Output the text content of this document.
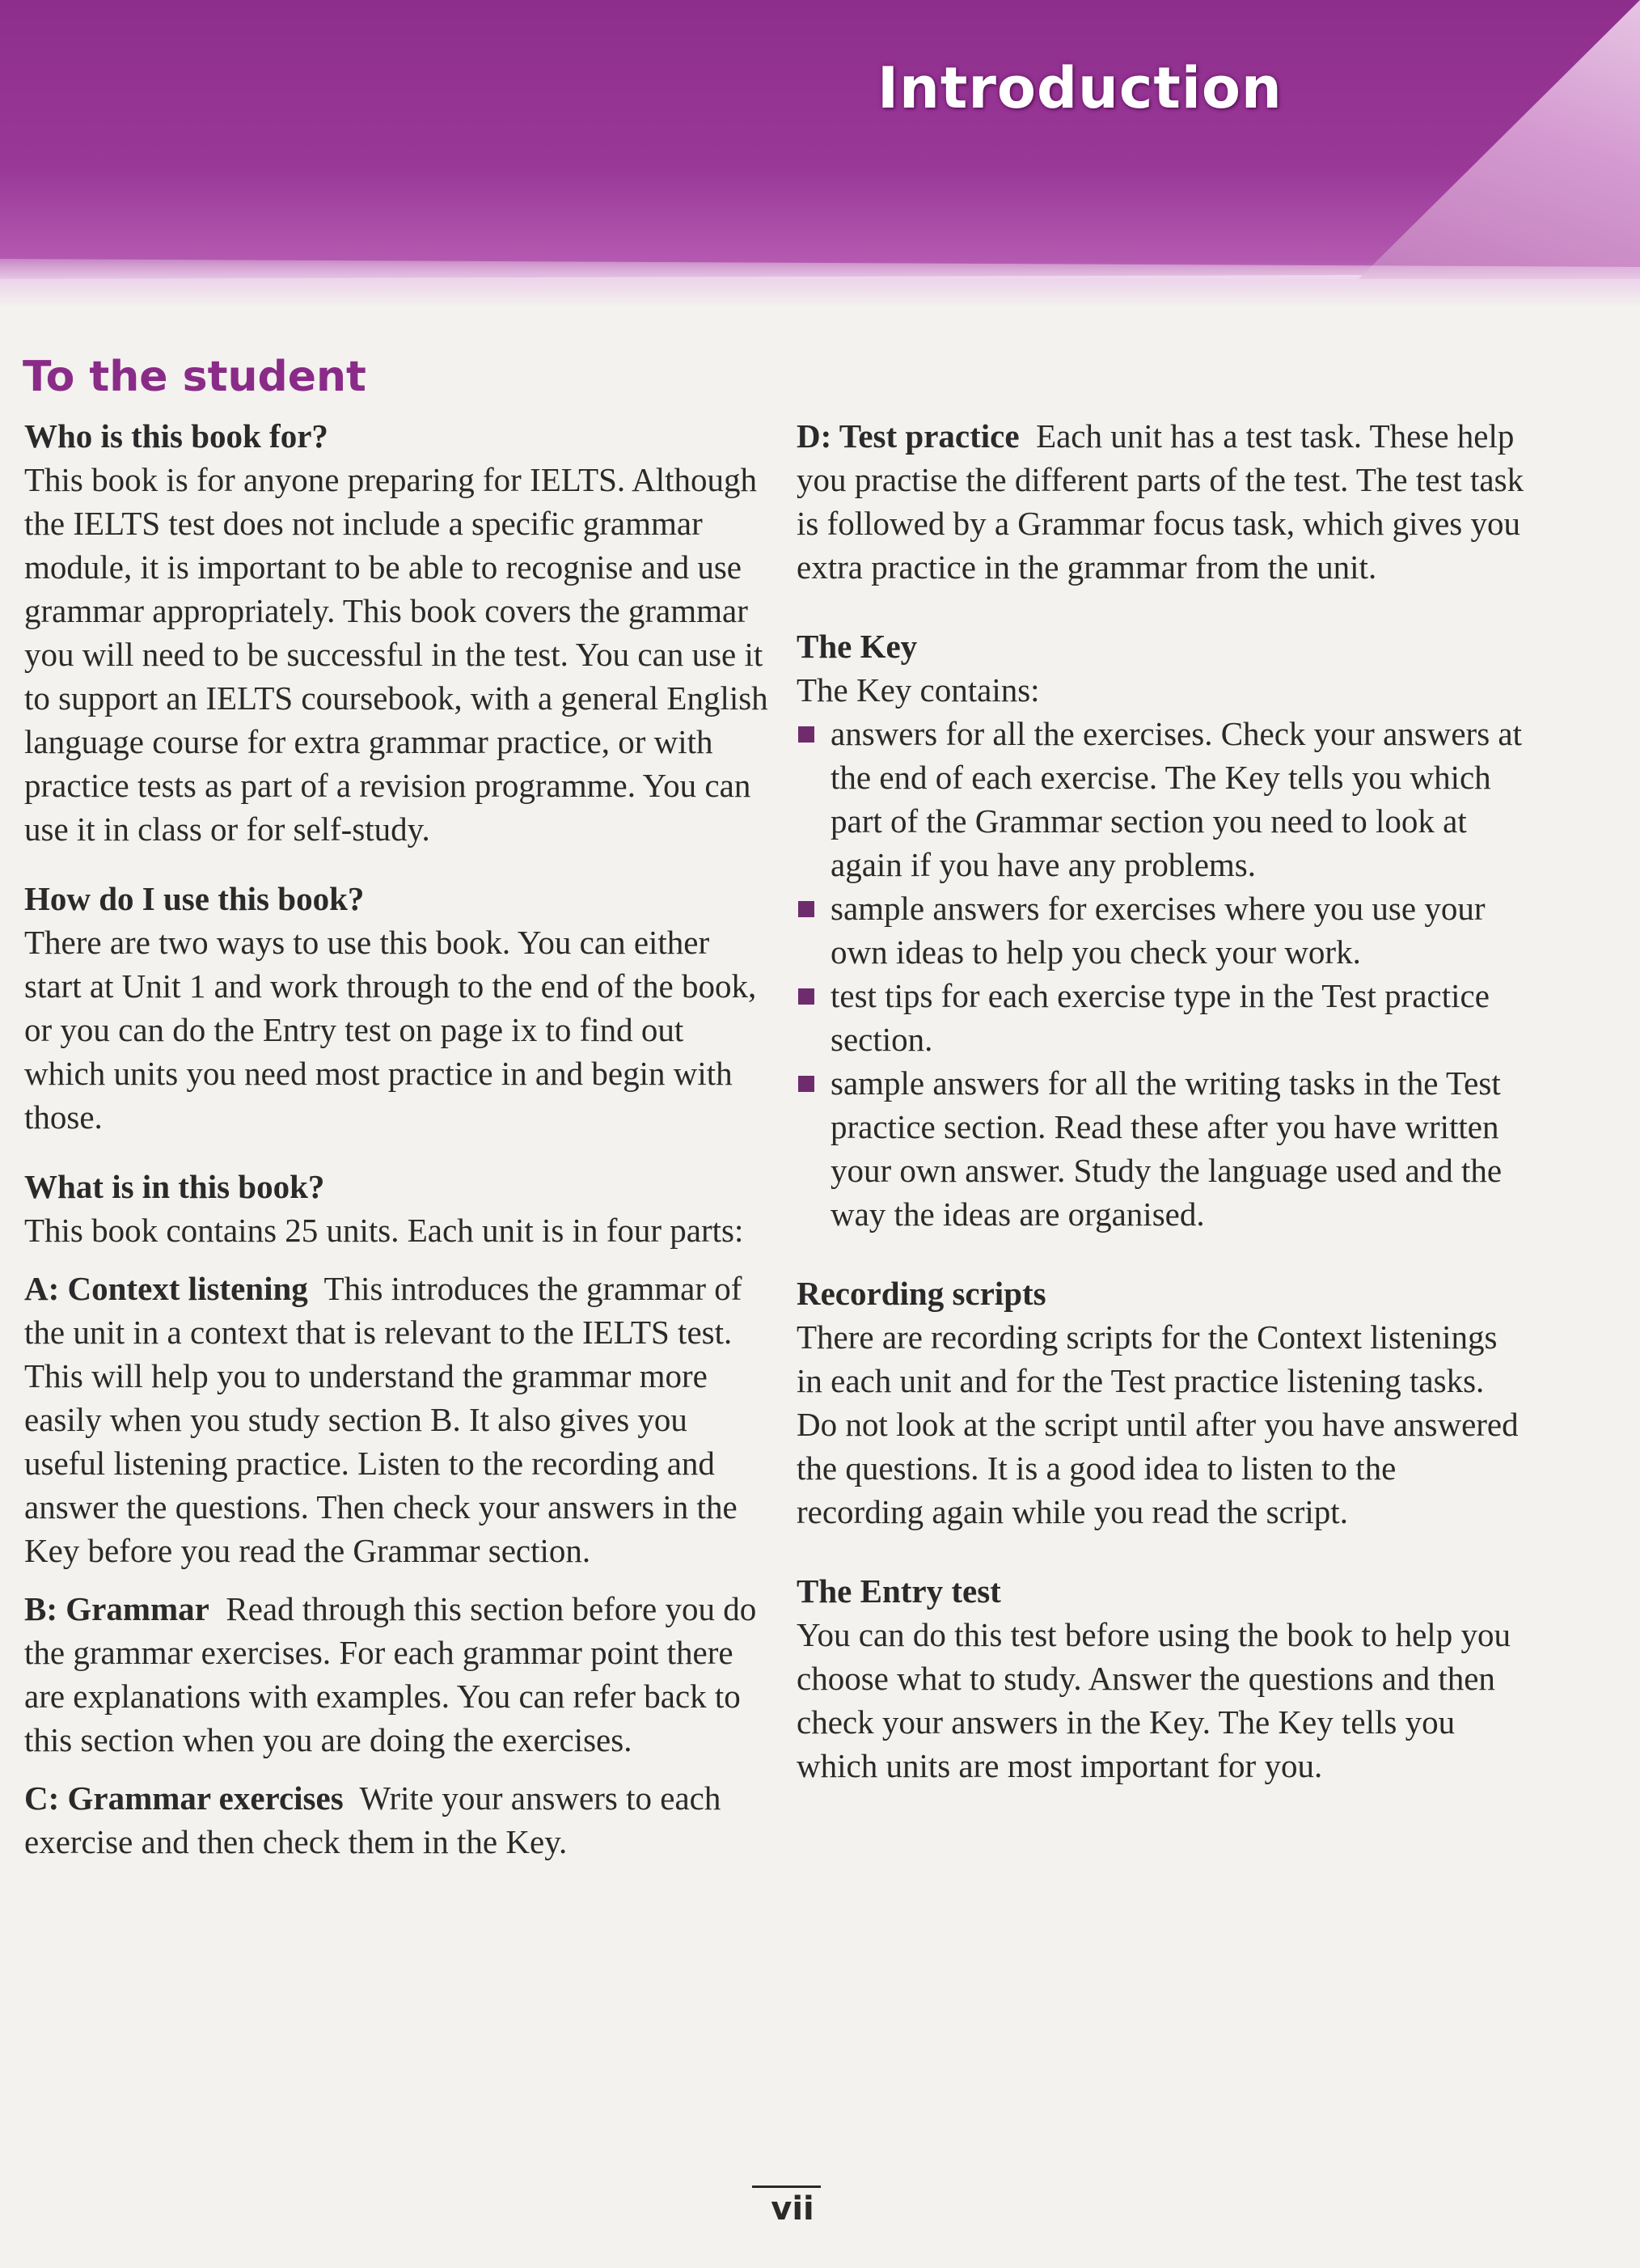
Introduction
To the student

Who is this book for?

This book is for anyone preparing for IELTS. Although the IELTS test does not include a specific grammar module, it is important to be able to recognise and use grammar appropriately. This book covers the grammar you will need to be successful in the test. You can use it to support an IELTS coursebook, with a general English language course for extra grammar practice, or with practice tests as part of a revision programme. You can use it in class or for self-study.

How do I use this book?

There are two ways to use this book. You can either start at Unit 1 and work through to the end of the book, or you can do the Entry test on page ix to find out which units you need most practice in and begin with those.

What is in this book?

This book contains 25 units. Each unit is in four parts:

A: Context listening This introduces the grammar of the unit in a context that is relevant to the IELTS test. This will help you to understand the grammar more easily when you study section B. It also gives you useful listening practice. Listen to the recording and answer the questions. Then check your answers in the Key before you read the Grammar section.

B: Grammar Read through this section before you do the grammar exercises. For each grammar point there are explanations with examples. You can refer back to this section when you are doing the exercises.

C: Grammar exercises Write your answers to each exercise and then check them in the Key.

D: Test practice Each unit has a test task. These help you practise the different parts of the test. The test task is followed by a Grammar focus task, which gives you extra practice in the grammar from the unit.

The Key

The Key contains:

answers for all the exercises. Check your answers at the end of each exercise. The Key tells you which part of the Grammar section you need to look at again if you have any problems.
sample answers for exercises where you use your own ideas to help you check your work.
test tips for each exercise type in the Test practice section.
sample answers for all the writing tasks in the Test practice section. Read these after you have written your own answer. Study the language used and the way the ideas are organised.

Recording scripts

There are recording scripts for the Context listenings in each unit and for the Test practice listening tasks. Do not look at the script until after you have answered the questions. It is a good idea to listen to the recording again while you read the script.

The Entry test

You can do this test before using the book to help you choose what to study. Answer the questions and then check your answers in the Key. The Key tells you which units are most important for you.

vii
